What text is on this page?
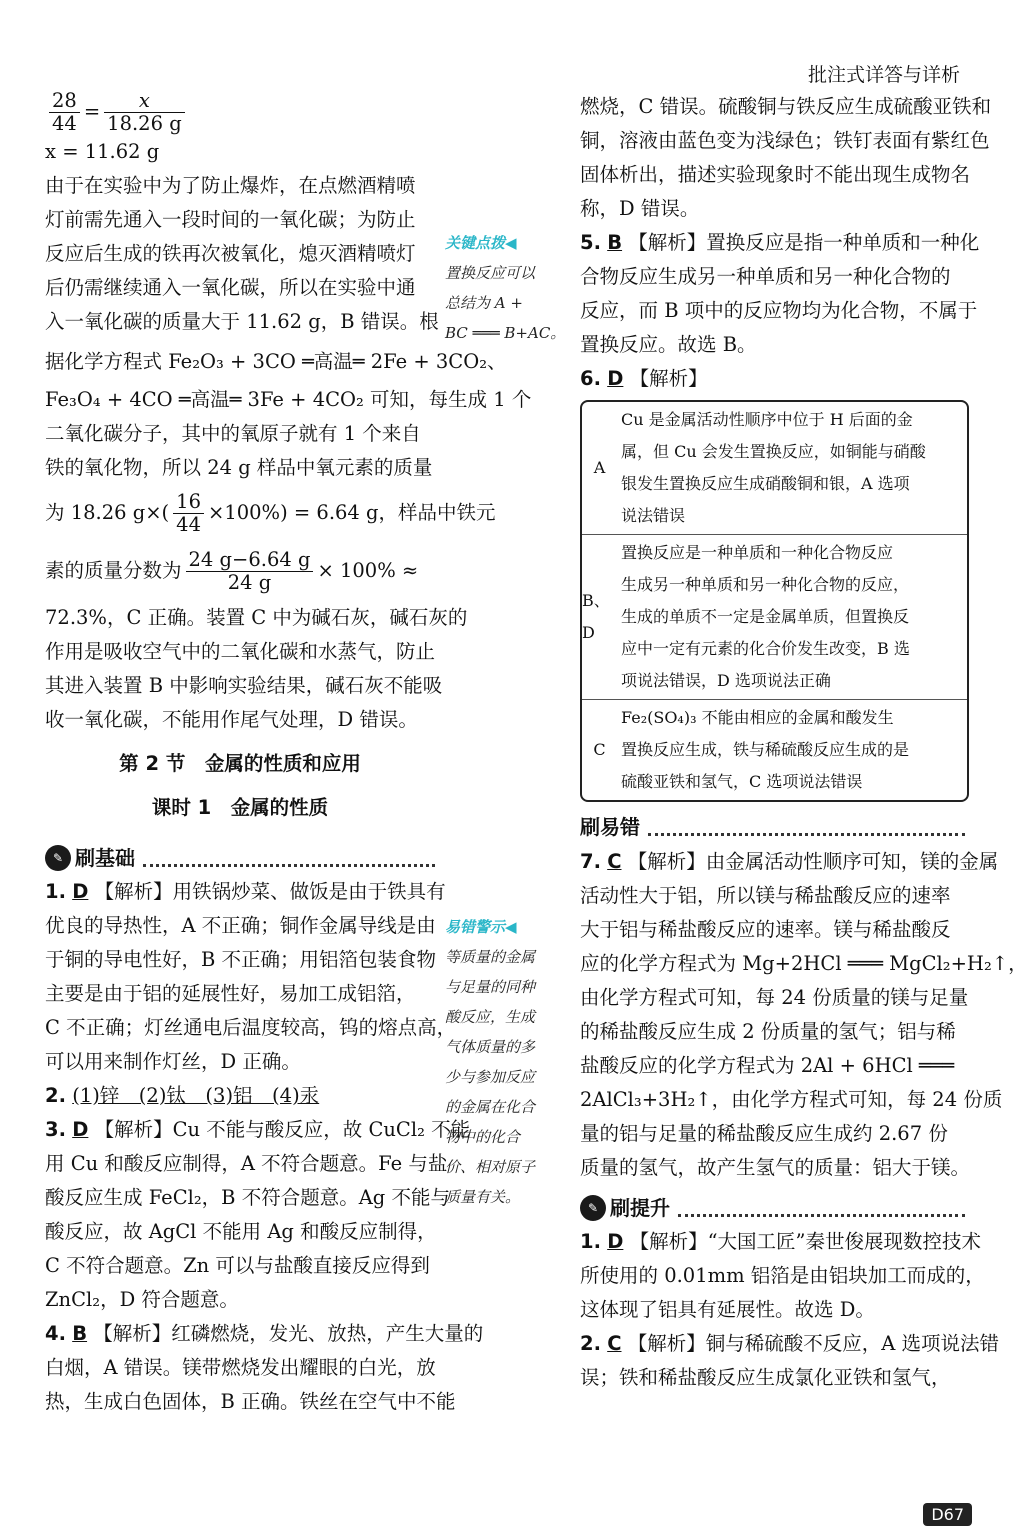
批注式详答与详析
$\frac{28}{44} = \frac{x}{18.26 g}$
x = 11.62 g
由于在实验中为了防止爆炸，在点燃酒精喷
灯前需先通入一段时间的一氧化碳；为防止
反应后生成的铁再次被氧化，熄灭酒精喷灯
后仍需继续通入一氧化碳，所以在实验中通
入一氧化碳的质量大于 11.62 g，B 错误。根
据化学方程式 Fe₂O₃ + 3CO ═高温═ 2Fe + 3CO₂、
Fe₃O₄ + 4CO ═高温═ 3Fe + 4CO₂ 可知，每生成 1 个
二氧化碳分子，其中的氧原子就有 1 个来自
铁的氧化物，所以 24 g 样品中氧元素的质量
为 18.26 $g\times( \frac{16}{44} \times 100\%) = 6.64$ g，样品中铁元
素的质量分数为 $\frac{24 g-6.64 g}{24 g} \times 100\%$ ≈
72.3%，C 正确。装置 C 中为碱石灰，碱石灰的
作用是吸收空气中的二氧化碳和水蒸气，防止
其进入装置 B 中影响实验结果，碱石灰不能吸
收一氧化碳，不能用作尾气处理，D 错误。
第 2 节　金属的性质和应用
课时 1　金属的性质
✎ 刷基础
1. D 【解析】用铁锅炒菜、做饭是由于铁具有
优良的导热性，A 不正确；铜作金属导线是由
于铜的导电性好，B 不正确；用铝箔包装食物
主要是由于铝的延展性好，易加工成铝箔，
C 不正确；灯丝通电后温度较高，钨的熔点高，
可以用来制作灯丝，D 正确。
2. (1)锌　(2)钛　(3)铝　(4)汞
3. D 【解析】Cu 不能与酸反应，故 CuCl₂ 不能
用 Cu 和酸反应制得，A 不符合题意。Fe 与盐
酸反应生成 FeCl₂，B 不符合题意。Ag 不能与
酸反应，故 AgCl 不能用 Ag 和酸反应制得，
C 不符合题意。Zn 可以与盐酸直接反应得到
ZnCl₂，D 符合题意。
4. B 【解析】红磷燃烧，发光、放热，产生大量的
白烟，A 错误。镁带燃烧发出耀眼的白光，放
热，生成白色固体，B 正确。铁丝在空气中不能
关键点拨◀
置换反应可以
总结为 A +
BC ═══ B+AC。
易错警示◀
等质量的金属
与足量的同种
酸反应，生成
气体质量的多
少与参加反应
的金属在化合
物中的化合
价、相对原子
质量有关。
燃烧，C 错误。硫酸铜与铁反应生成硫酸亚铁和
铜，溶液由蓝色变为浅绿色；铁钉表面有紫红色
固体析出，描述实验现象时不能出现生成物名
称，D 错误。
5. B 【解析】置换反应是指一种单质和一种化
合物反应生成另一种单质和另一种化合物的
反应，而 B 项中的反应物均为化合物，不属于
置换反应。故选 B。
6. D 【解析】
A
Cu 是金属活动性顺序中位于 H 后面的金
属，但 Cu 会发生置换反应，如铜能与硝酸
银发生置换反应生成硝酸铜和银，A 选项
说法错误
B、D
置换反应是一种单质和一种化合物反应
生成另一种单质和另一种化合物的反应，
生成的单质不一定是金属单质，但置换反
应中一定有元素的化合价发生改变，B 选
项说法错误，D 选项说法正确
C
Fe₂(SO₄)₃ 不能由相应的金属和酸发生
置换反应生成，铁与稀硫酸反应生成的是
硫酸亚铁和氢气，C 选项说法错误
刷易错
7. C 【解析】由金属活动性顺序可知，镁的金属
活动性大于铝，所以镁与稀盐酸反应的速率
大于铝与稀盐酸反应的速率。镁与稀盐酸反
应的化学方程式为 Mg+2HCl ═══ MgCl₂+H₂↑，
由化学方程式可知，每 24 份质量的镁与足量
的稀盐酸反应生成 2 份质量的氢气；铝与稀
盐酸反应的化学方程式为 2Al + 6HCl ═══
2AlCl₃+3H₂↑，由化学方程式可知，每 24 份质
量的铝与足量的稀盐酸反应生成约 2.67 份
质量的氢气，故产生氢气的质量：铝大于镁。
✎ 刷提升
1. D 【解析】“大国工匠”秦世俊展现数控技术
所使用的 0.01mm 铝箔是由铝块加工而成的，
这体现了铝具有延展性。故选 D。
2. C 【解析】铜与稀硫酸不反应，A 选项说法错
误；铁和稀盐酸反应生成氯化亚铁和氢气，
D67
